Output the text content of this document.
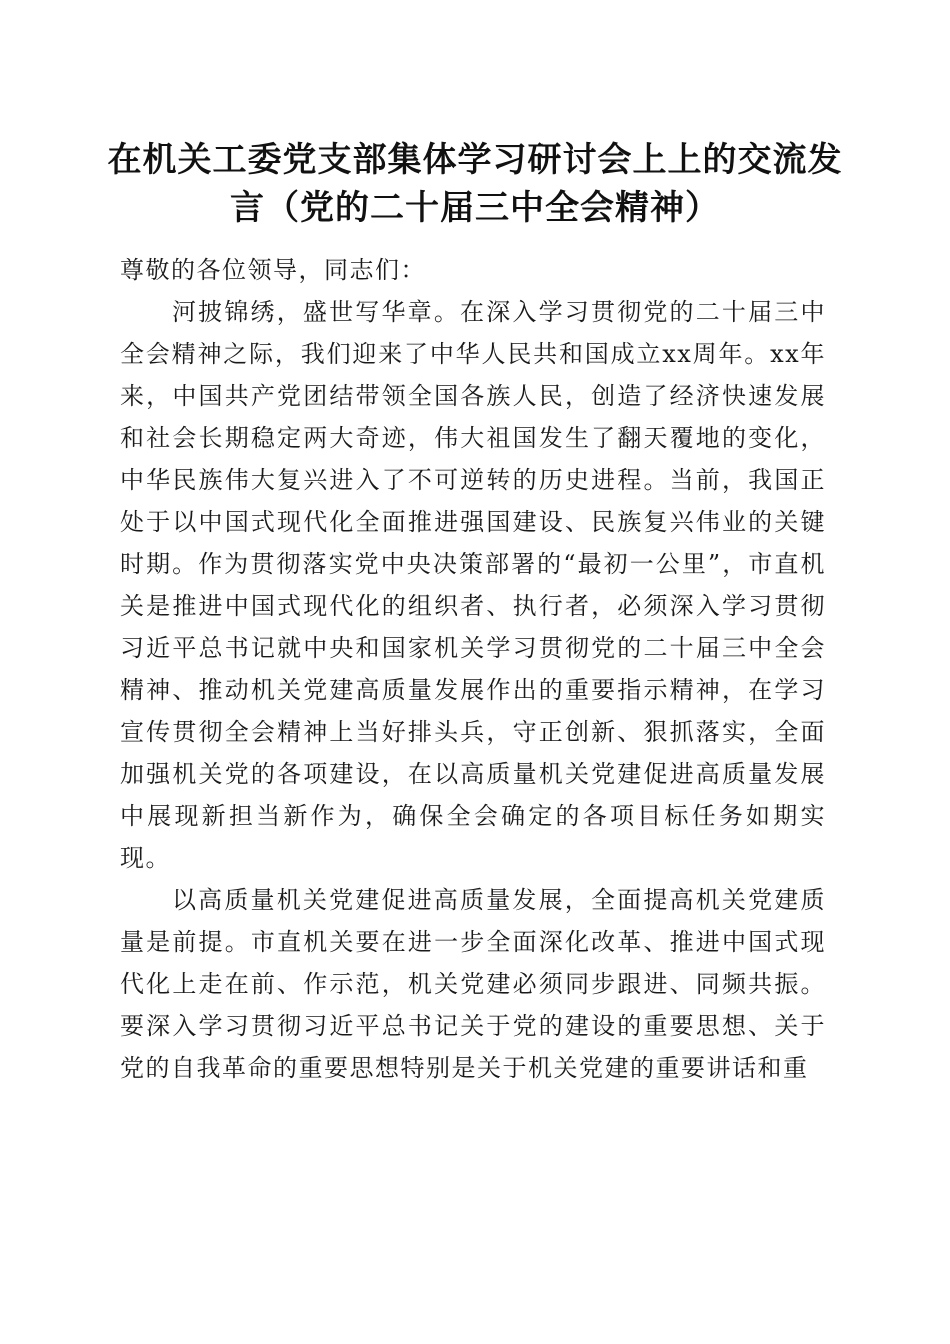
在机关工委党支部集体学习研讨会上上的交流发言（党的二十届三中全会精神）

尊敬的各位领导，同志们：

河披锦绣，盛世写华章。在深入学习贯彻党的二十届三中全会精神之际，我们迎来了中华人民共和国成立xx周年。xx年来，中国共产党团结带领全国各族人民，创造了经济快速发展和社会长期稳定两大奇迹，伟大祖国发生了翻天覆地的变化，中华民族伟大复兴进入了不可逆转的历史进程。当前，我国正处于以中国式现代化全面推进强国建设、民族复兴伟业的关键时期。作为贯彻落实党中央决策部署的“最初一公里”，市直机关是推进中国式现代化的组织者、执行者，必须深入学习贯彻习近平总书记就中央和国家机关学习贯彻党的二十届三中全会精神、推动机关党建高质量发展作出的重要指示精神，在学习宣传贯彻全会精神上当好排头兵，守正创新、狠抓落实，全面加强机关党的各项建设，在以高质量机关党建促进高质量发展中展现新担当新作为，确保全会确定的各项目标任务如期实现。

以高质量机关党建促进高质量发展，全面提高机关党建质量是前提。市直机关要在进一步全面深化改革、推进中国式现代化上走在前、作示范，机关党建必须同步跟进、同频共振。要深入学习贯彻习近平总书记关于党的建设的重要思想、关于党的自我革命的重要思想特别是关于机关党建的重要讲话和重
